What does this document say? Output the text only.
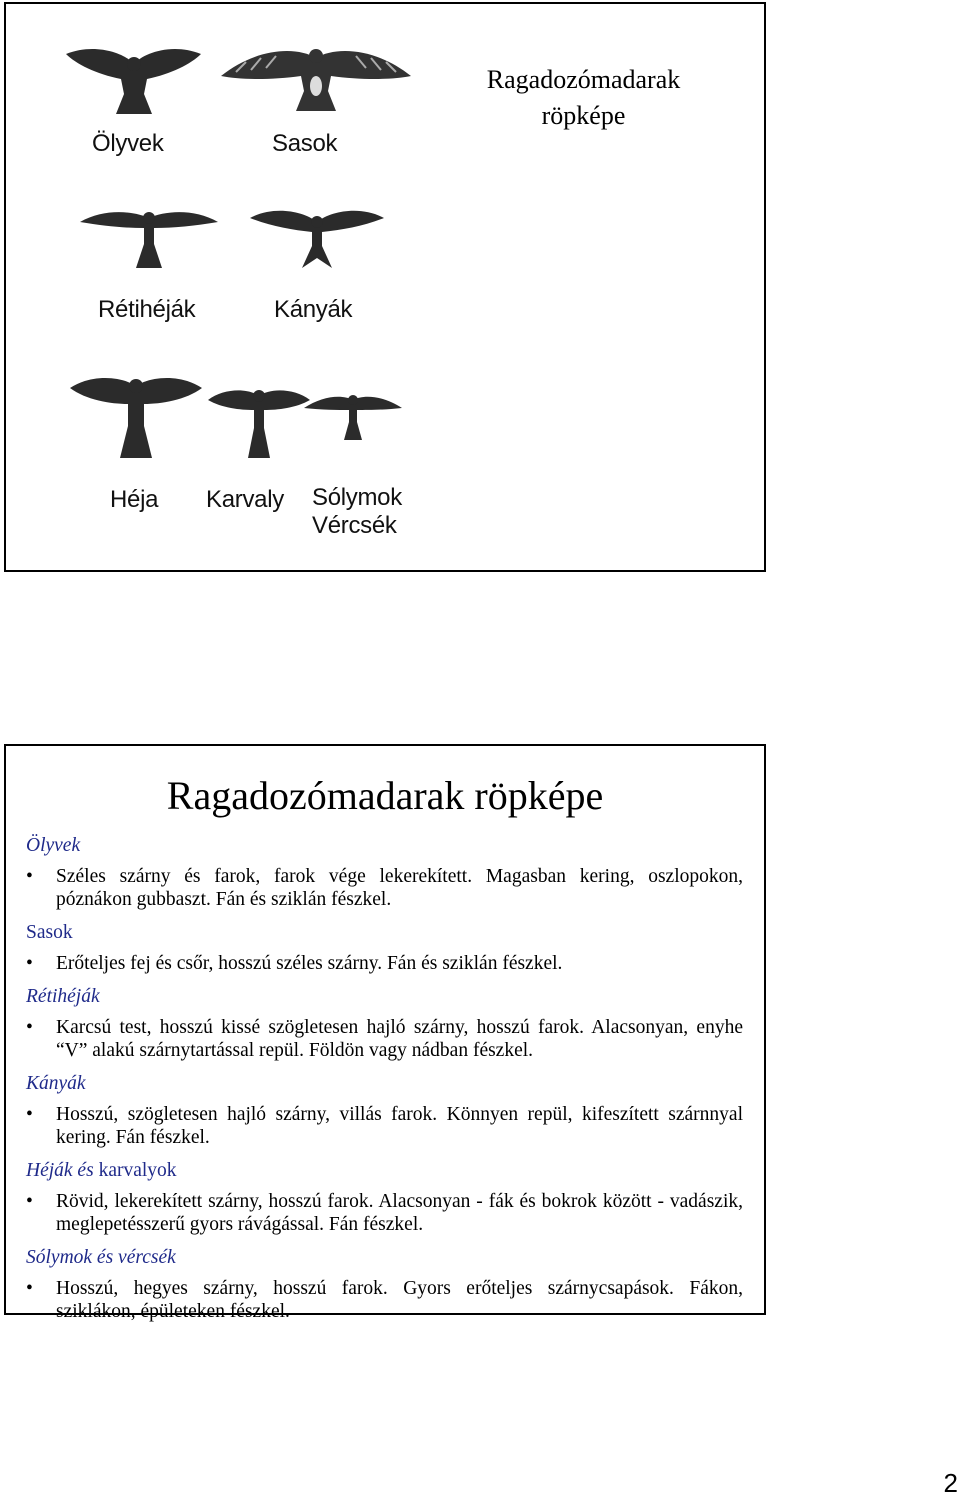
Ragadozómadarak
röpképe
Ölyvek	Sasok
Rétihéják	Kányák
Héja Karvaly Sólymok
Vércsék
Ragadozómadarak röpképe
Ölyvek
•	Széles szárny és farok, farok vége lekerekített. Magasban kering, oszlopokon, póznákon gubbaszt. Fán és sziklán fészkel.
Sasok
•	Erőteljes fej és csőr, hosszú széles szárny. Fán és sziklán fészkel.
Rétihéják
•	Karcsú test, hosszú kissé szögletesen hajló szárny, hosszú farok. Alacsonyan, enyhe “V” alakú szárnytartással repül. Földön vagy nádban fészkel.
Kányák
•	Hosszú, szögletesen hajló szárny, villás farok. Könnyen repül, kifeszített szárnnyal kering. Fán fészkel.
Héják és karvalyok
•	Rövid, lekerekített szárny, hosszú farok. Alacsonyan - fák és bokrok között - vadászik, meglepetésszerű gyors rávágással. Fán fészkel.
Sólymok és vércsék
•	Hosszú, hegyes szárny, hosszú farok. Gyors erőteljes szárnycsapások. Fákon, sziklákon, épületeken fészkel.
2
